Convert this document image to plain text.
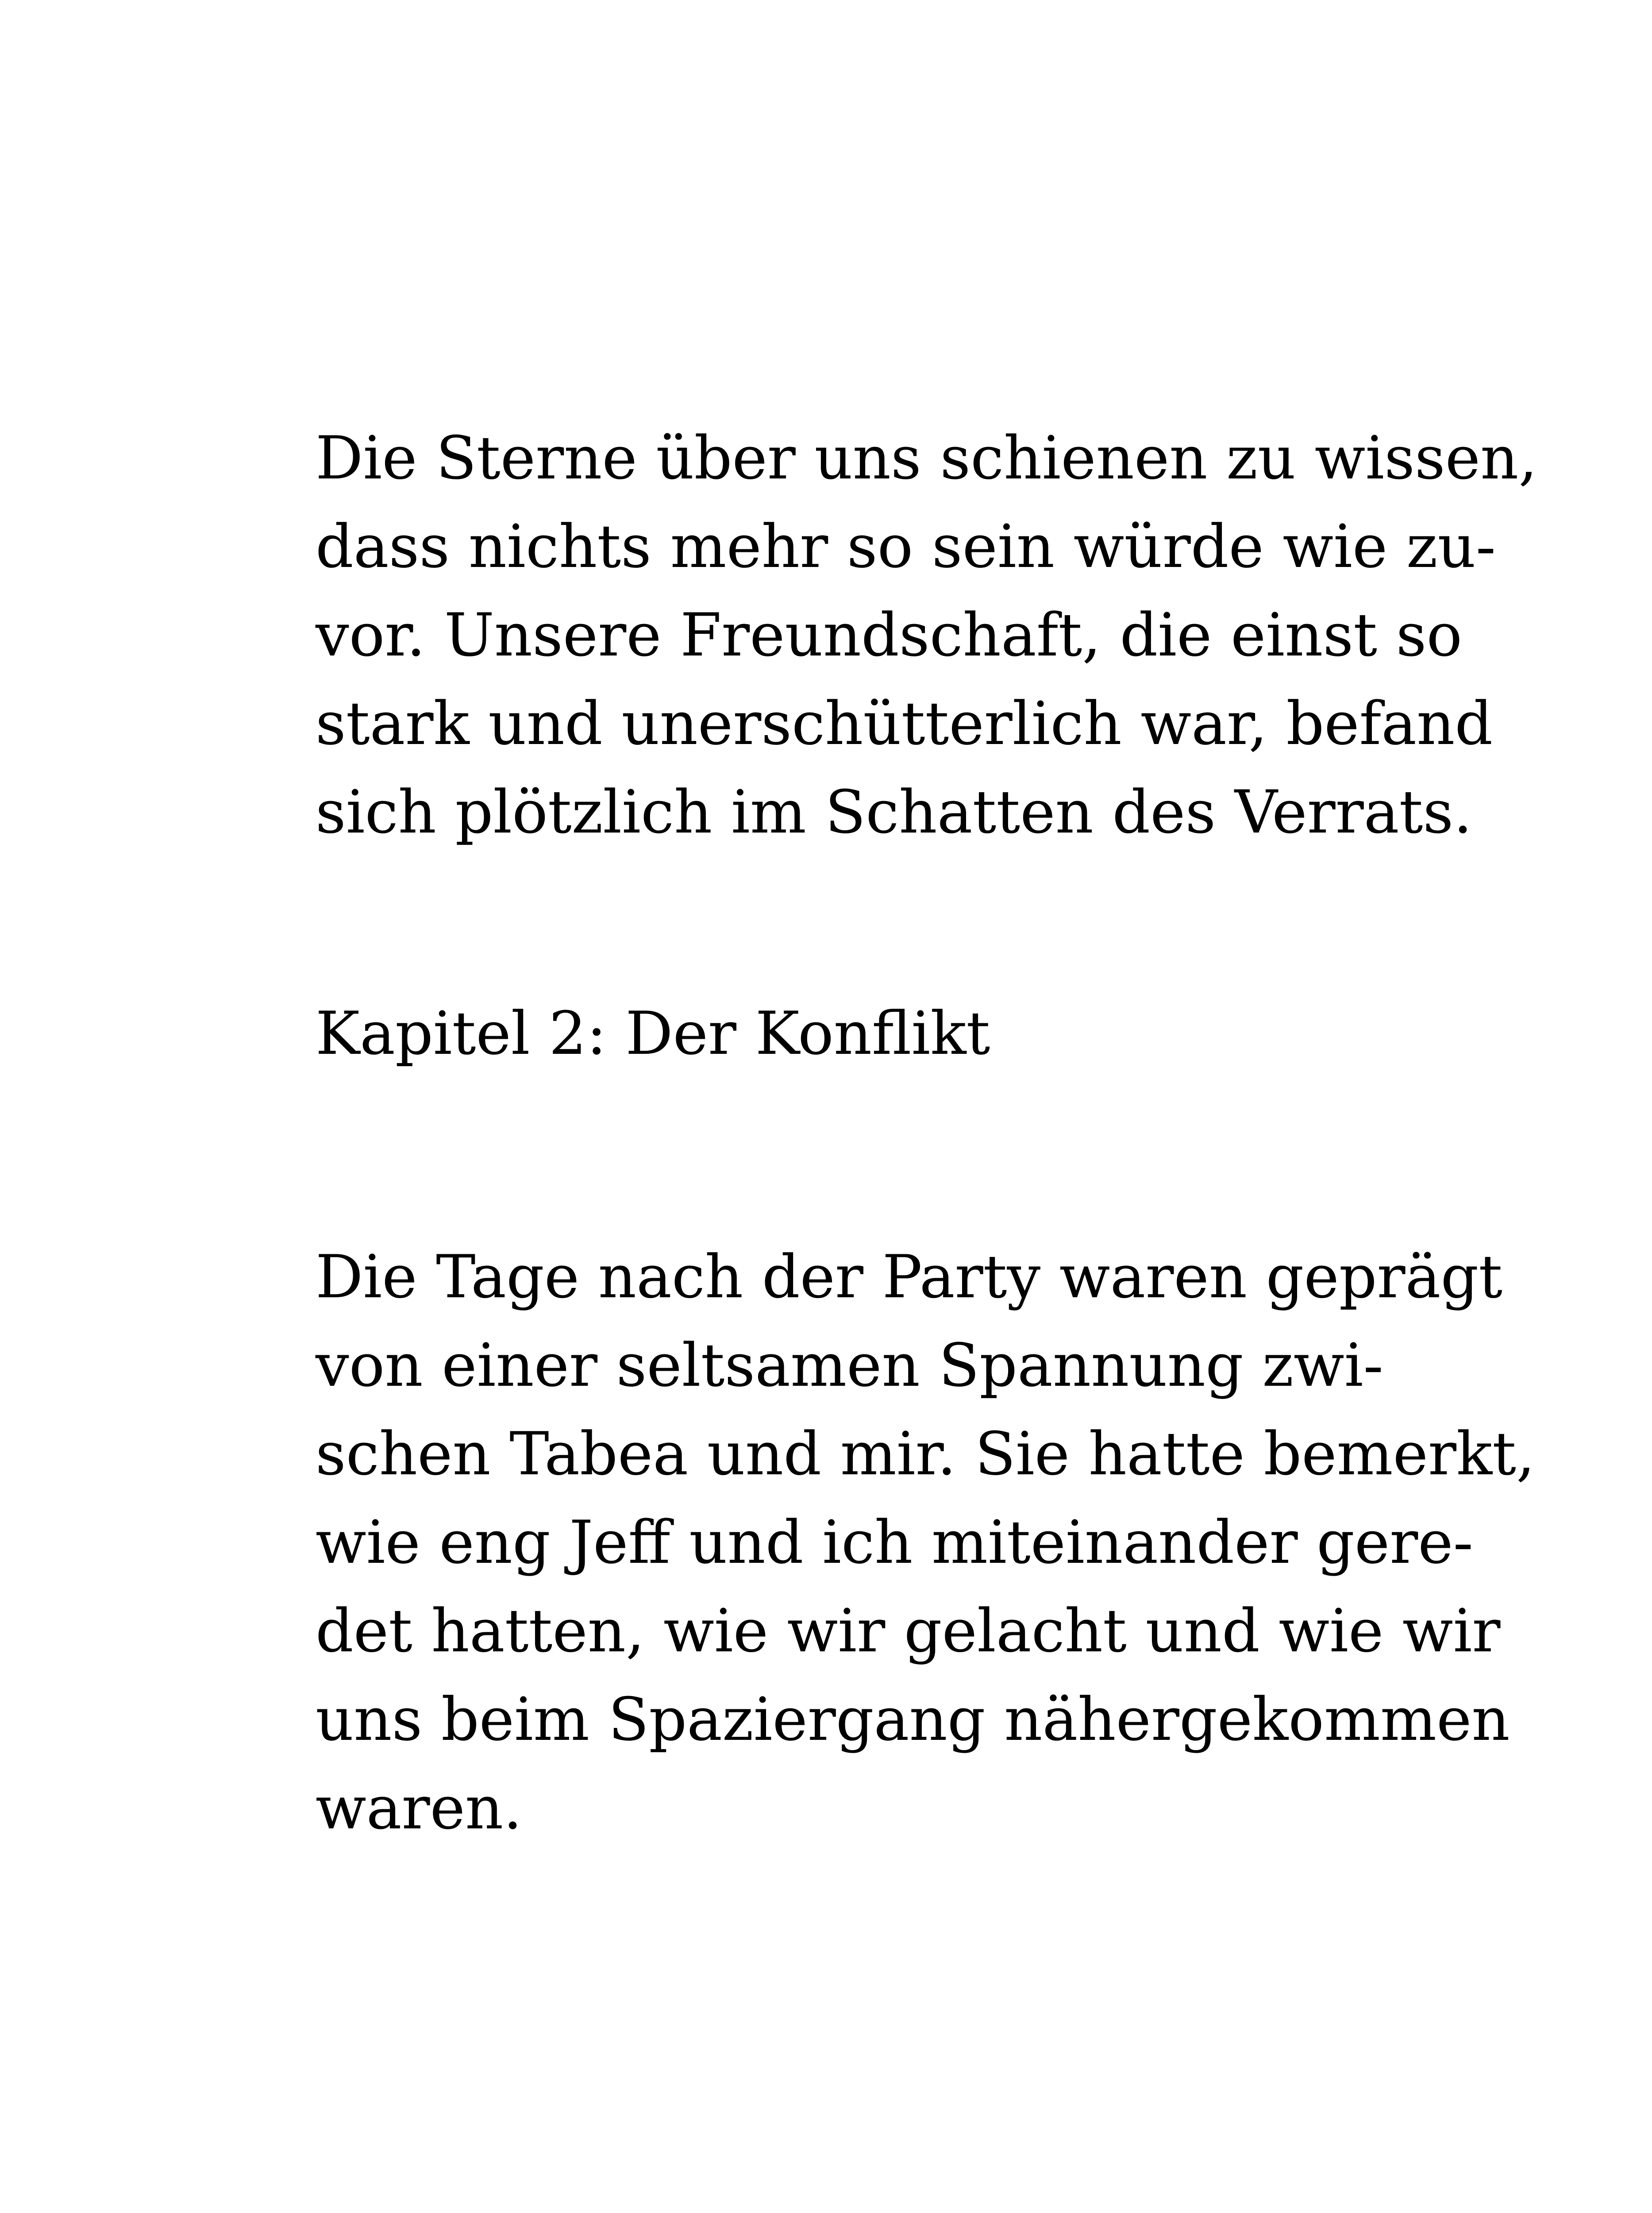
Die Sterne über uns schienen zu wissen,
dass nichts mehr so sein würde wie zu-
vor. Unsere Freundschaft, die einst so
stark und unerschütterlich war, befand
sich plötzlich im Schatten des Verrats.
Kapitel 2: Der Konflikt
Die Tage nach der Party waren geprägt
von einer seltsamen Spannung zwi-
schen Tabea und mir. Sie hatte bemerkt,
wie eng Jeff und ich miteinander gere-
det hatten, wie wir gelacht und wie wir
uns beim Spaziergang nähergekommen
waren.
